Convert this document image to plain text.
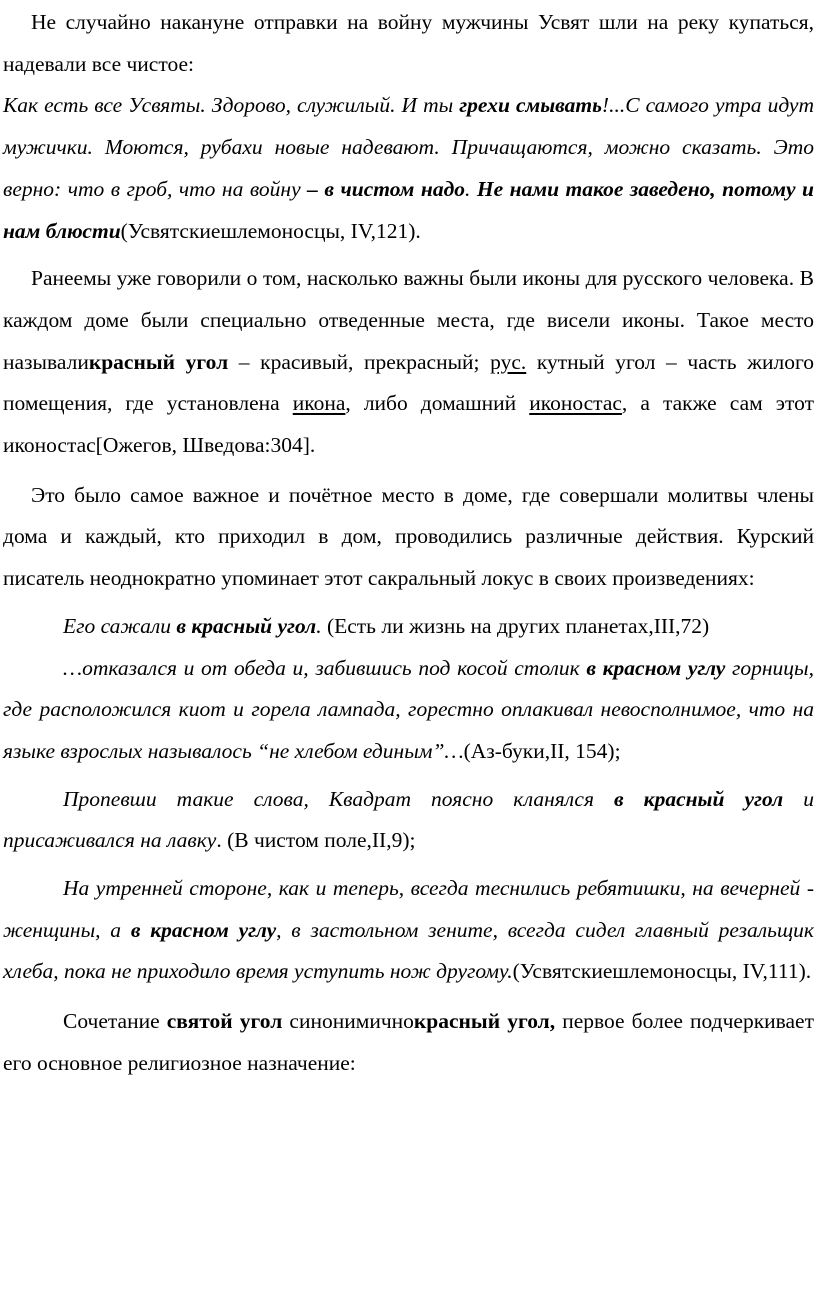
Не случайно накануне отправки на войну мужчины Усвят шли на реку купаться, надевали все чистое:

Как есть все Усвяты. Здорово, служилый. И ты грехи смывать!...С самого утра идут мужички. Моются, рубахи новые надевают. Причащаются, можно сказать. Это верно: что в гроб, что на войну – в чистом надо. Не нами такое заведено, потому и нам блюсти(Усвятскиешлемоносцы, IV,121).

Ранеемы уже говорили о том, насколько важны были иконы для русского человека. В каждом доме были специально отведенные места, где висели иконы. Такое место называликрасный угол – красивый, прекрасный; рус. кутный угол – часть жилого помещения, где установлена икона, либо домашний иконостас, а также сам этот иконостас[Ожегов, Шведова:304].

Это было самое важное и почётное место в доме, где совершали молитвы члены дома и каждый, кто приходил в дом, проводились различные действия. Курский писатель неоднократно упоминает этот сакральный локус в своих произведениях:

Его сажали в красный угол. (Есть ли жизнь на других планетах,III,72)

…отказался и от обеда и, забившись под косой столик в красном углу горницы, где расположился киот и горела лампада, горестно оплакивал невосполнимое, что на языке взрослых называлось “не хлебом единым”…(Аз-буки,II, 154);

Пропевши такие слова, Квадрат поясно кланялся в красный угол и присаживался на лавку. (В чистом поле,II,9);

На утренней стороне, как и теперь, всегда теснились ребятишки, на вечерней - женщины, а в красном углу, в застольном зените, всегда сидел главный резальщик хлеба, пока не приходило время уступить нож другому.(Усвятскиешлемоносцы, IV,111).

Сочетание святой угол синонимичнокрасный угол, первое более подчеркивает его основное религиозное назначение:
